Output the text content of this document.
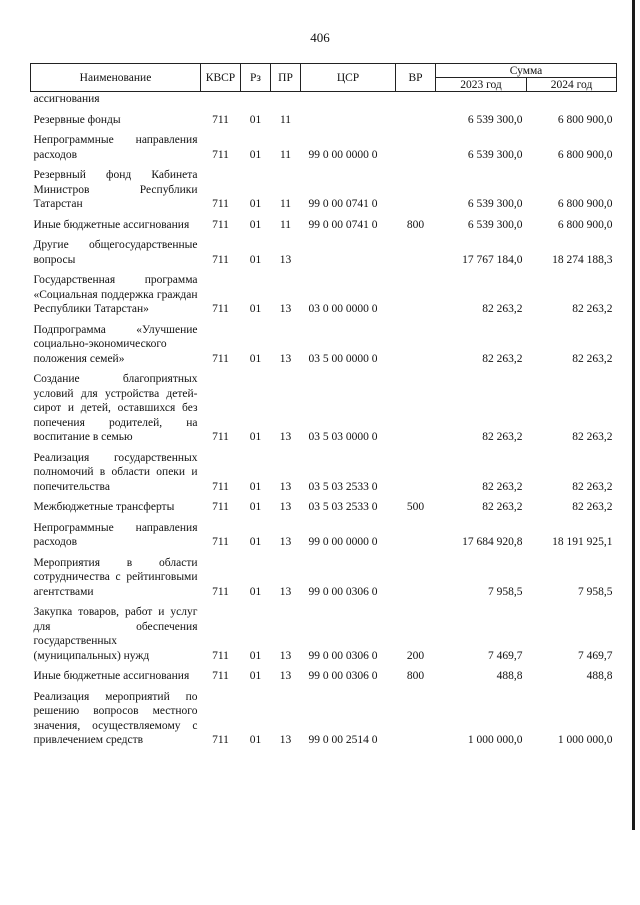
406
Наименование	КВСР	Рз	ПР	ЦСР	ВР	Сумма	
						2023 год	2024 год
ассигнования							
Резервные фонды	711	01	11			6 539 300,0	6 800 900,0
Непрограммные направления расходов	711	01	11	99 0 00 0000 0		6 539 300,0	6 800 900,0
Резервный фонд Кабинета Министров Республики Татарстан	711	01	11	99 0 00 0741 0		6 539 300,0	6 800 900,0
Иные бюджетные ассигнования	711	01	11	99 0 00 0741 0	800	6 539 300,0	6 800 900,0
Другие общегосударственные вопросы	711	01	13			17 767 184,0	18 274 188,3
Государственная программа «Социальная поддержка граждан Республики Татарстан»	711	01	13	03 0 00 0000 0		82 263,2	82 263,2
Подпрограмма «Улучшение социально-экономического положения семей»	711	01	13	03 5 00 0000 0		82 263,2	82 263,2
Создание благоприятных условий для устройства детей-сирот и детей, оставшихся без попечения родителей, на воспитание в семью	711	01	13	03 5 03 0000 0		82 263,2	82 263,2
Реализация государственных полномочий в области опеки и попечительства	711	01	13	03 5 03 2533 0		82 263,2	82 263,2
Межбюджетные трансферты	711	01	13	03 5 03 2533 0	500	82 263,2	82 263,2
Непрограммные направления расходов	711	01	13	99 0 00 0000 0		17 684 920,8	18 191 925,1
Мероприятия в области сотрудничества с рейтинговыми агентствами	711	01	13	99 0 00 0306 0		7 958,5	7 958,5
Закупка товаров, работ и услуг для обеспечения государственных (муниципальных) нужд	711	01	13	99 0 00 0306 0	200	7 469,7	7 469,7
Иные бюджетные ассигнования	711	01	13	99 0 00 0306 0	800	488,8	488,8
Реализация мероприятий по решению вопросов местного значения, осуществляемому с привлечением средств	711	01	13	99 0 00 2514 0		1 000 000,0	1 000 000,0
